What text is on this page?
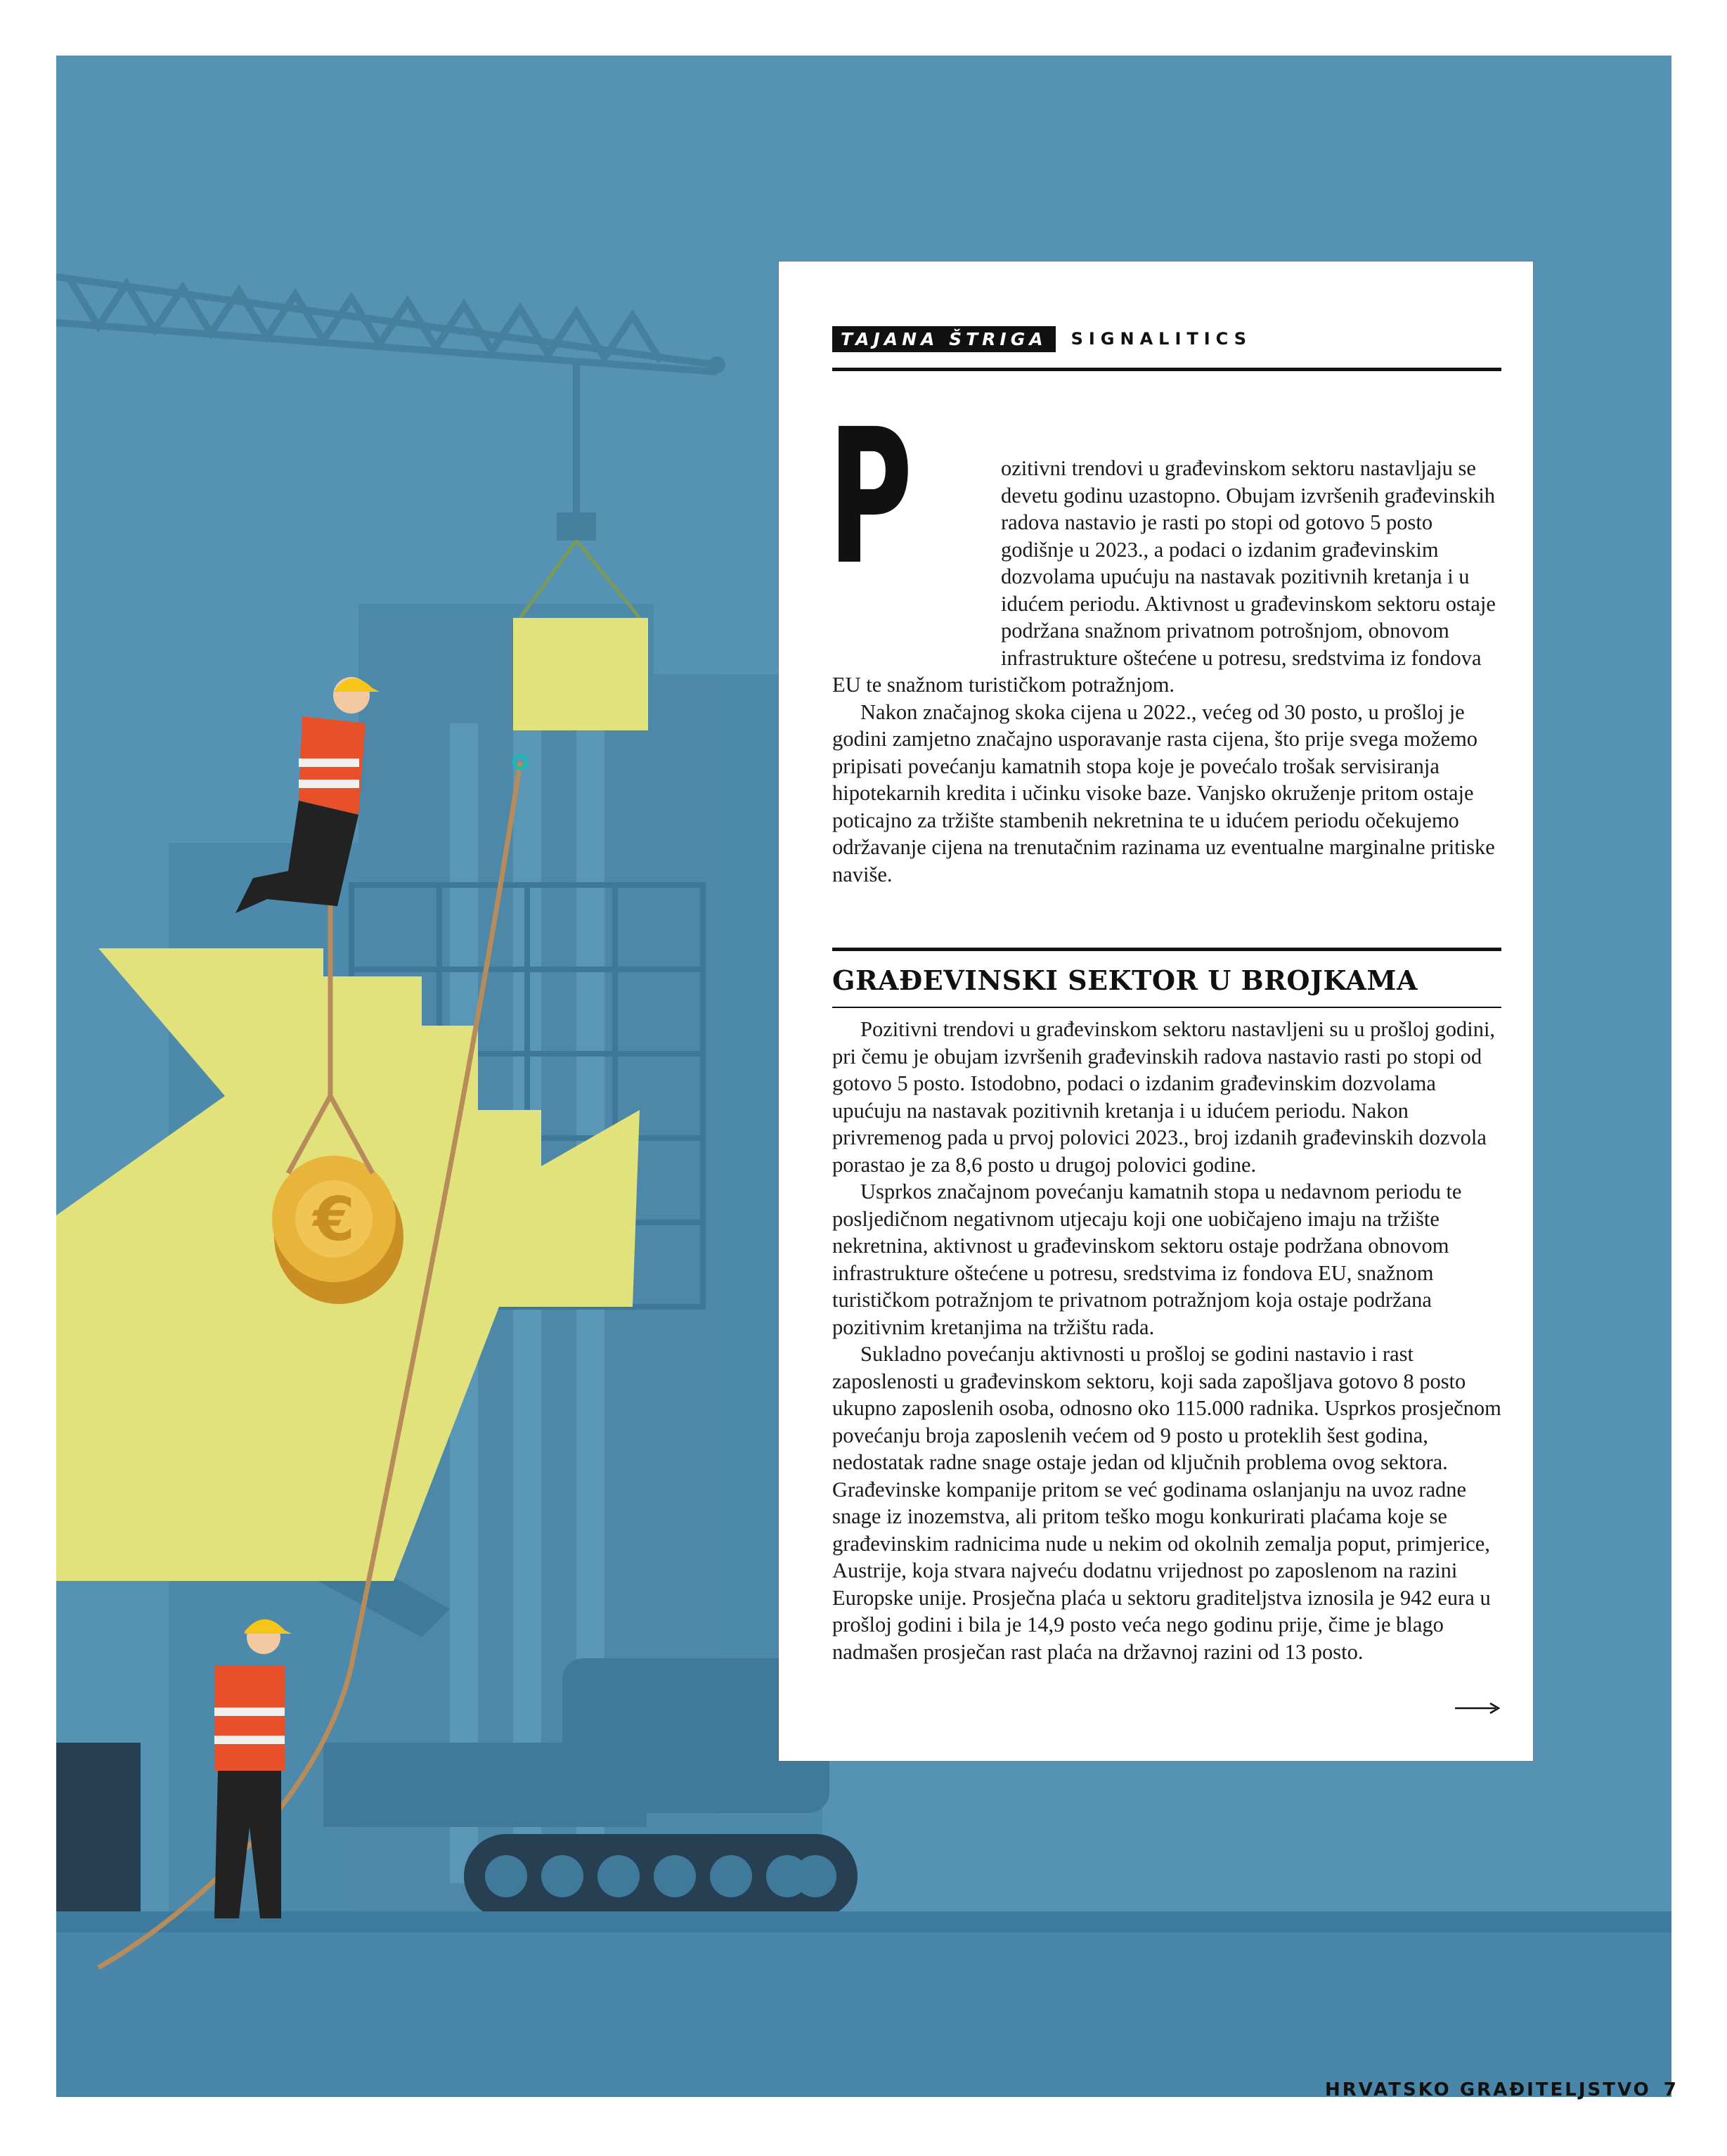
€
TAJANA ŠTRIGA	SIGNALITICS
P	ozitivni trendovi u građevinskom sektoru nastavljaju se devetu godinu uzastopno. Obujam izvršenih građevinskih radova nastavio je rasti po stopi od gotovo 5 posto godišnje u 2023., a podaci o izdanim građevinskim dozvolama upućuju na nastavak pozitivnih kretanja i u idućem periodu. Aktivnost u građevinskom sektoru ostaje podržana snažnom privatnom potrošnjom, obnovom infrastrukture oštećene u potresu, sredstvima iz fondova EU te snažnom turističkom potražnjom.

Nakon značajnog skoka cijena u 2022., većeg od 30 posto, u prošloj je godini zamjetno značajno usporavanje rasta cijena, što prije svega možemo pripisati povećanju kamatnih stopa koje je povećalo trošak servisiranja hipotekarnih kredita i učinku visoke baze. Vanjsko okruženje pritom ostaje poticajno za tržište stambenih nekretnina te u idućem periodu očekujemo održavanje cijena na trenutačnim razinama uz eventualne marginalne pritiske naviše.

GRAĐEVINSKI SEKTOR U BROJKAMA

Pozitivni trendovi u građevinskom sektoru nastavljeni su u prošloj godini, pri čemu je obujam izvršenih građevinskih radova nastavio rasti po stopi od gotovo 5 posto. Istodobno, podaci o izdanim građevinskim dozvolama upućuju na nastavak pozitivnih kretanja i u idućem periodu. Nakon privremenog pada u prvoj polovici 2023., broj izdanih građevinskih dozvola porastao je za 8,6 posto u drugoj polovici godine.

Usprkos značajnom povećanju kamatnih stopa u nedavnom periodu te posljedičnom negativnom utjecaju koji one uobičajeno imaju na tržište nekretnina, aktivnost u građevinskom sektoru ostaje podržana obnovom infrastrukture oštećene u potresu, sredstvima iz fondova EU, snažnom turističkom potražnjom te privatnom potražnjom koja ostaje podržana pozitivnim kretanjima na tržištu rada.

Sukladno povećanju aktivnosti u prošloj se godini nastavio i rast zaposlenosti u građevinskom sektoru, koji sada zapošljava gotovo 8 posto ukupno zaposlenih osoba, odnosno oko 115.000 radnika. Usprkos prosječnom povećanju broja zaposlenih većem od 9 posto u proteklih šest godina, nedostatak radne snage ostaje jedan od ključnih problema ovog sektora. Građevinske kompanije pritom se već godinama oslanjanju na uvoz radne snage iz inozemstva, ali pritom teško mogu konkurirati plaćama koje se građevinskim radnicima nude u nekim od okolnih zemalja poput, primjerice, Austrije, koja stvara najveću dodatnu vrijednost po zaposlenom na razini Europske unije. Prosječna plaća u sektoru graditeljstva iznosila je 942 eura u prošloj godini i bila je 14,9 posto veća nego godinu prije, čime je blago nadmašen prosječan rast plaća na državnoj razini od 13 posto.

HRVATSKO GRAĐITELJSTVO 7
